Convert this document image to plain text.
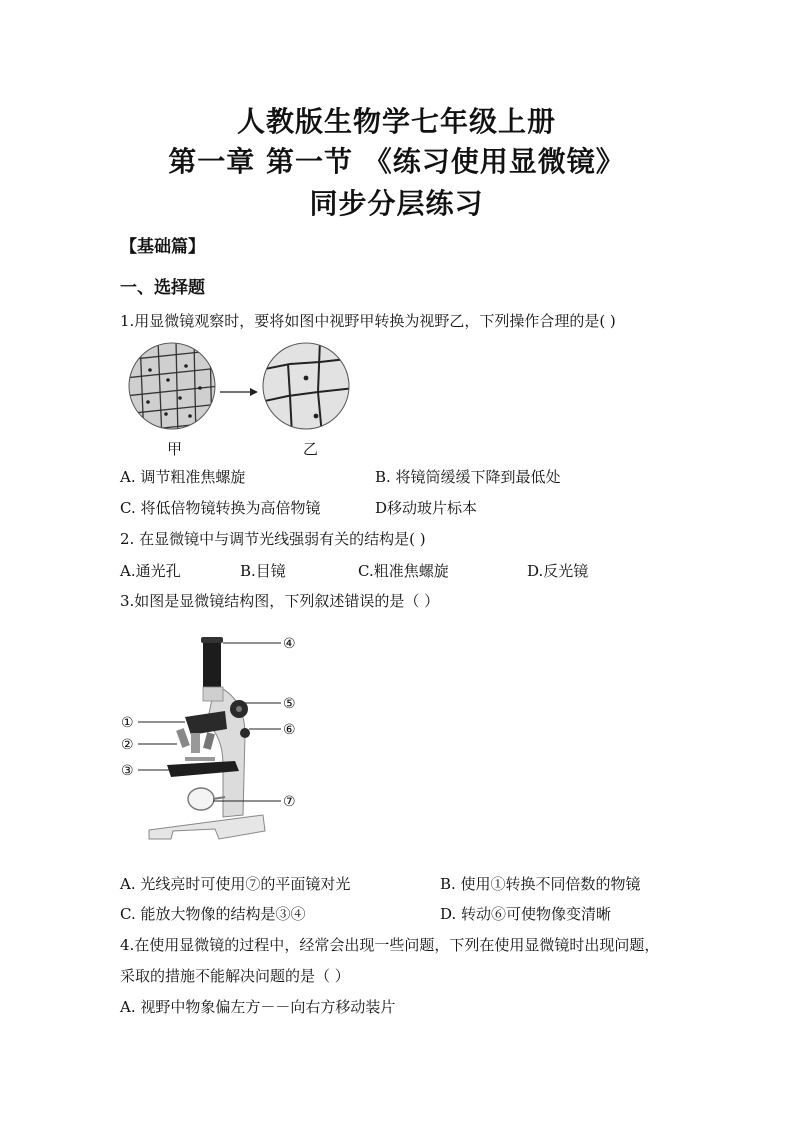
人教版生物学七年级上册
第一章 第一节 《练习使用显微镜》
同步分层练习
【基础篇】
一、选择题
1.用显微镜观察时，要将如图中视野甲转换为视野乙，下列操作合理的是( )
甲	乙
A. 调节粗准焦螺旋	B. 将镜筒缓缓下降到最低处
C. 将低倍物镜转换为高倍物镜	D移动玻片标本
2. 在显微镜中与调节光线强弱有关的结构是( )
A.通光孔	B.目镜	C.粗准焦螺旋	D.反光镜
3.如图是显微镜结构图，下列叙述错误的是（ ）
①
②
③
④
⑤
⑥
⑦
A. 光线亮时可使用⑦的平面镜对光	B. 使用①转换不同倍数的物镜
C. 能放大物像的结构是③④	D. 转动⑥可使物像变清晰
4.在使用显微镜的过程中，经常会出现一些问题，下列在使用显微镜时出现问题，
采取的措施不能解决问题的是（ ）
A. 视野中物象偏左方－－向右方移动装片
